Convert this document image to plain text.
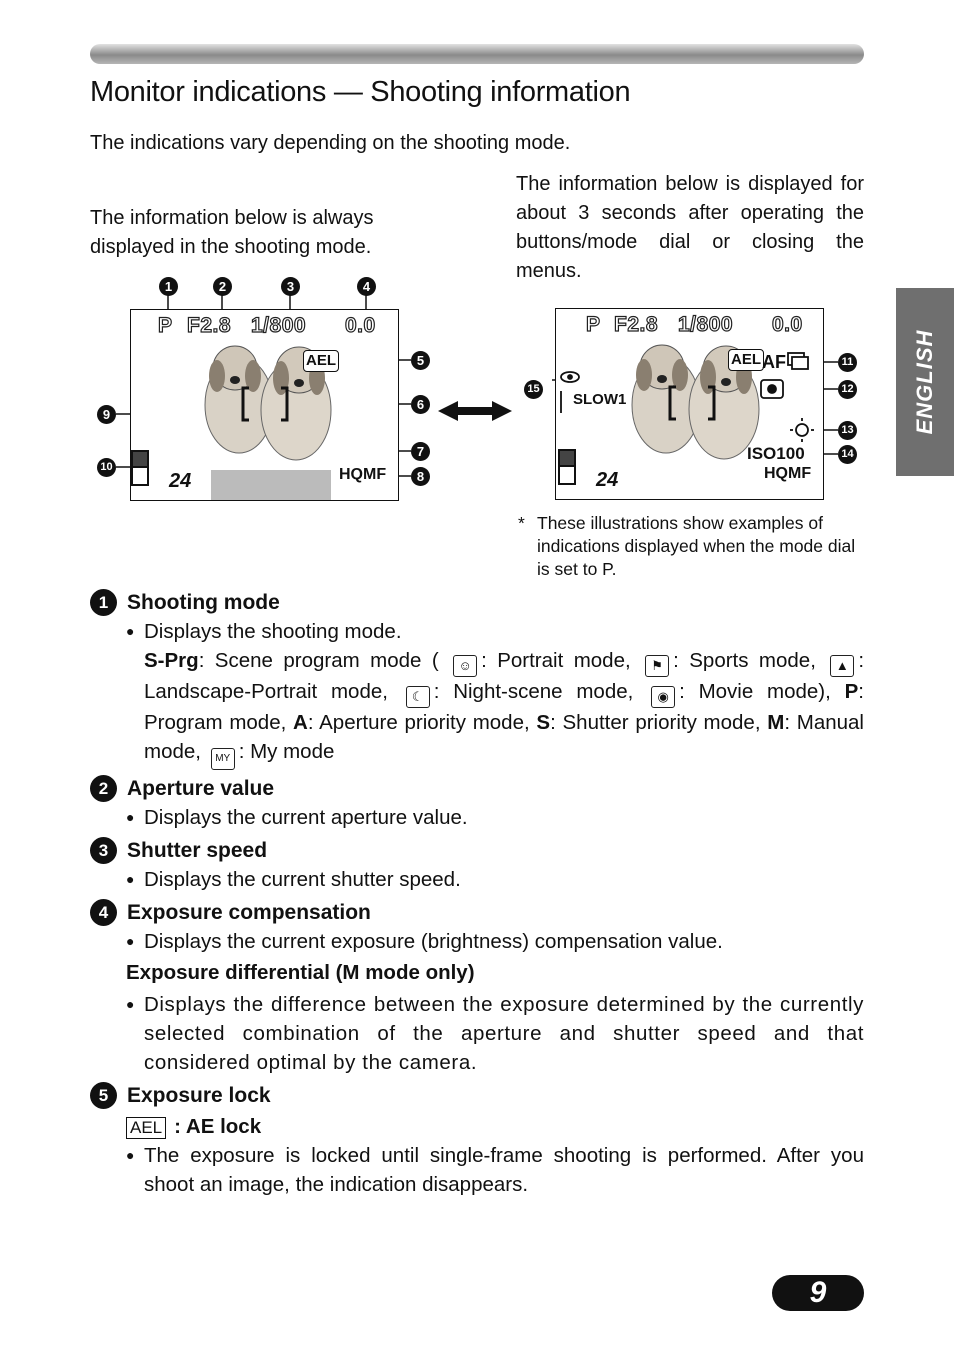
Monitor indications — Shooting information
The indications vary depending on the shooting mode.
The information below is always displayed in the shooting mode.
The information below is displayed for about 3 seconds after operating the buttons/mode dial or closing the menus.
ENGLISH
P F2.8 1/800 0.0
AEL
24	HQMF
1	2	3	4
5
6
9
7
10
8
P F2.8 1/800 0.0
AEL AF
SLOW1
ISO100
24	HQMF
11
12
15
13
14
* These illustrations show examples of indications displayed when the mode dial is set to P.

1 Shooting mode
● Displays the shooting mode.
S-Prg: Scene program mode ( ☺ : Portrait mode, ⚑ : Sports mode, ▲ : Landscape-Portrait mode, ☾ : Night-scene mode, ◉ : Movie mode), P: Program mode, A: Aperture priority mode, S: Shutter priority mode, M: Manual mode, MY : My mode
2 Aperture value
● Displays the current aperture value.
3 Shutter speed
● Displays the current shutter speed.
4 Exposure compensation
● Displays the current exposure (brightness) compensation value.
Exposure differential (M mode only)
● Displays the difference between the exposure determined by the currently selected combination of the aperture and shutter speed and that considered optimal by the camera.
5 Exposure lock
AEL : AE lock
● The exposure is locked until single-frame shooting is performed. After you shoot an image, the indication disappears.
9
